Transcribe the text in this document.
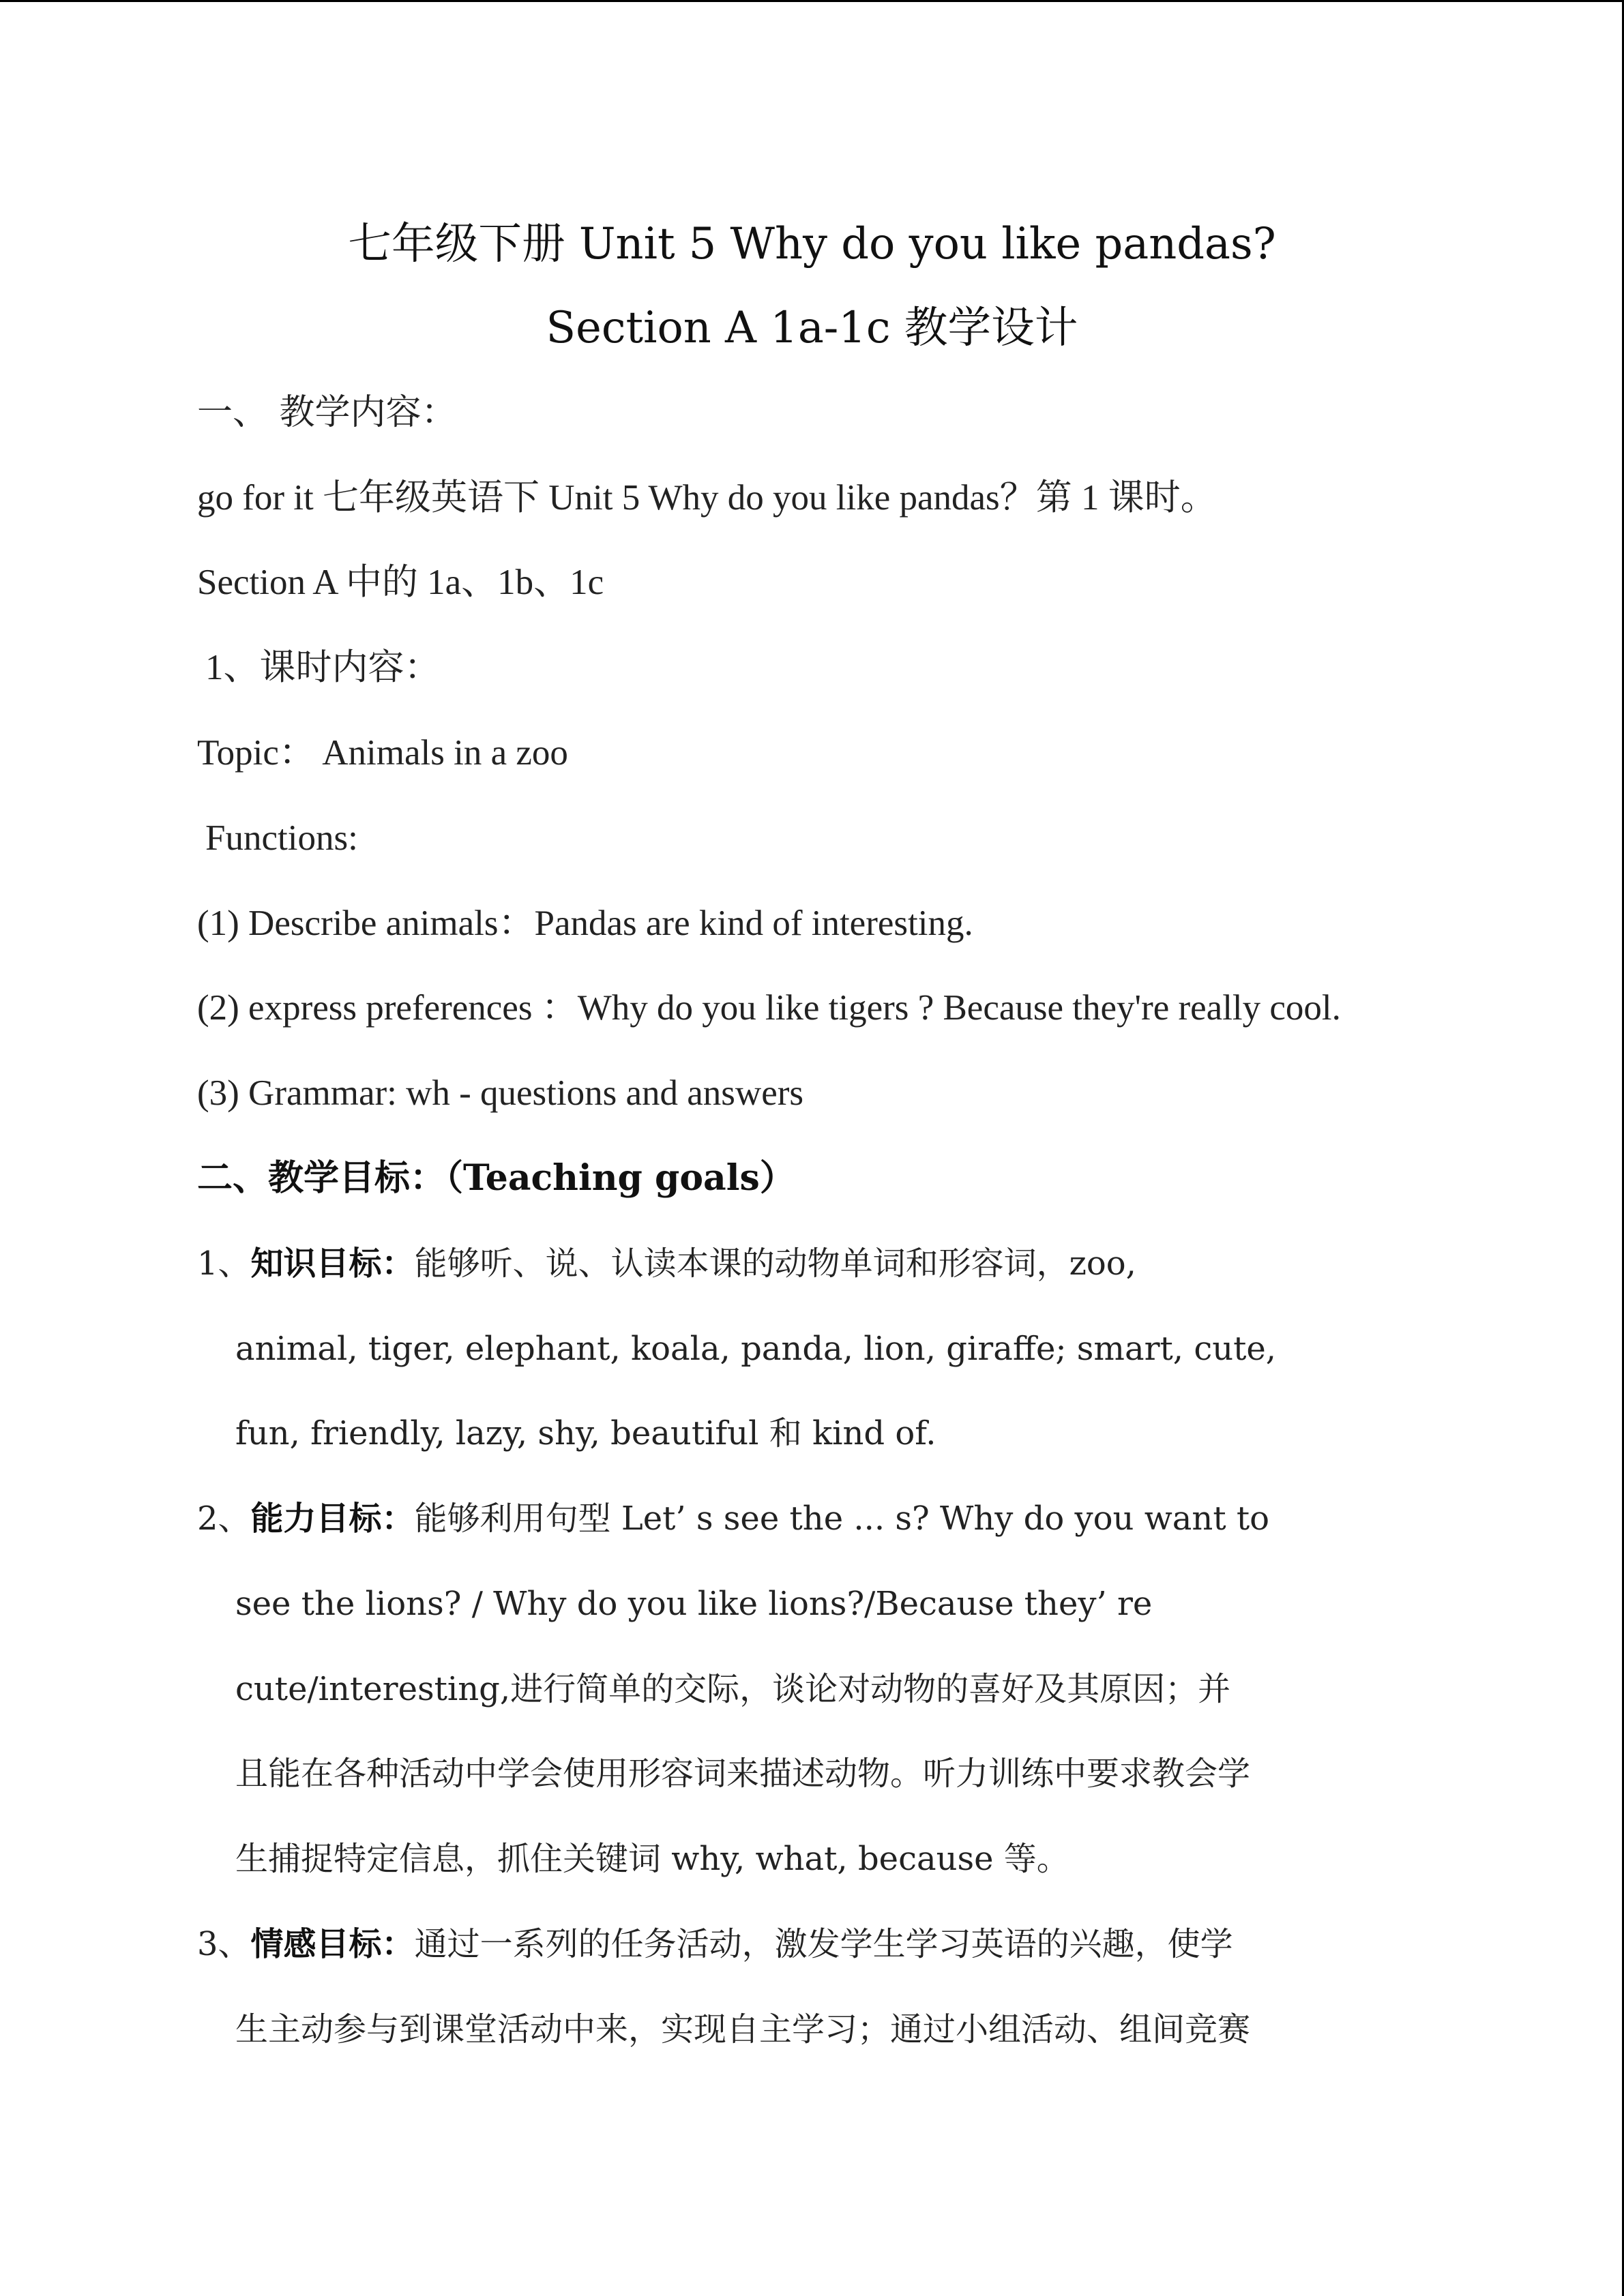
七年级下册 Unit 5 Why do you like pandas?
Section A 1a-1c 教学设计
一、 教学内容：
go for it 七年级英语下 Unit 5 Why do you like pandas？第 1 课时。
Section A 中的 1a、1b、1c
1、课时内容：
Topic： Animals in a zoo
Functions:
(1) Describe animals：Pandas are kind of interesting.
(2) express preferences ：Why do you like tigers ? Because they're really cool.
(3) Grammar: wh - questions and answers
二、教学目标：（Teaching goals）
1、知识目标：能够听、说、认读本课的动物单词和形容词，zoo,
animal, tiger, elephant, koala, panda, lion, giraffe; smart, cute,
fun, friendly, lazy, shy, beautiful 和 kind of.
2、能力目标：能够利用句型 Let’ s see the ... s? Why do you want to
see the lions? / Why do you like lions?/Because they’ re
cute/interesting,进行简单的交际，谈论对动物的喜好及其原因；并
且能在各种活动中学会使用形容词来描述动物。听力训练中要求教会学
生捕捉特定信息，抓住关键词 why, what, because 等。
3、情感目标：通过一系列的任务活动，激发学生学习英语的兴趣，使学
生主动参与到课堂活动中来，实现自主学习；通过小组活动、组间竞赛
